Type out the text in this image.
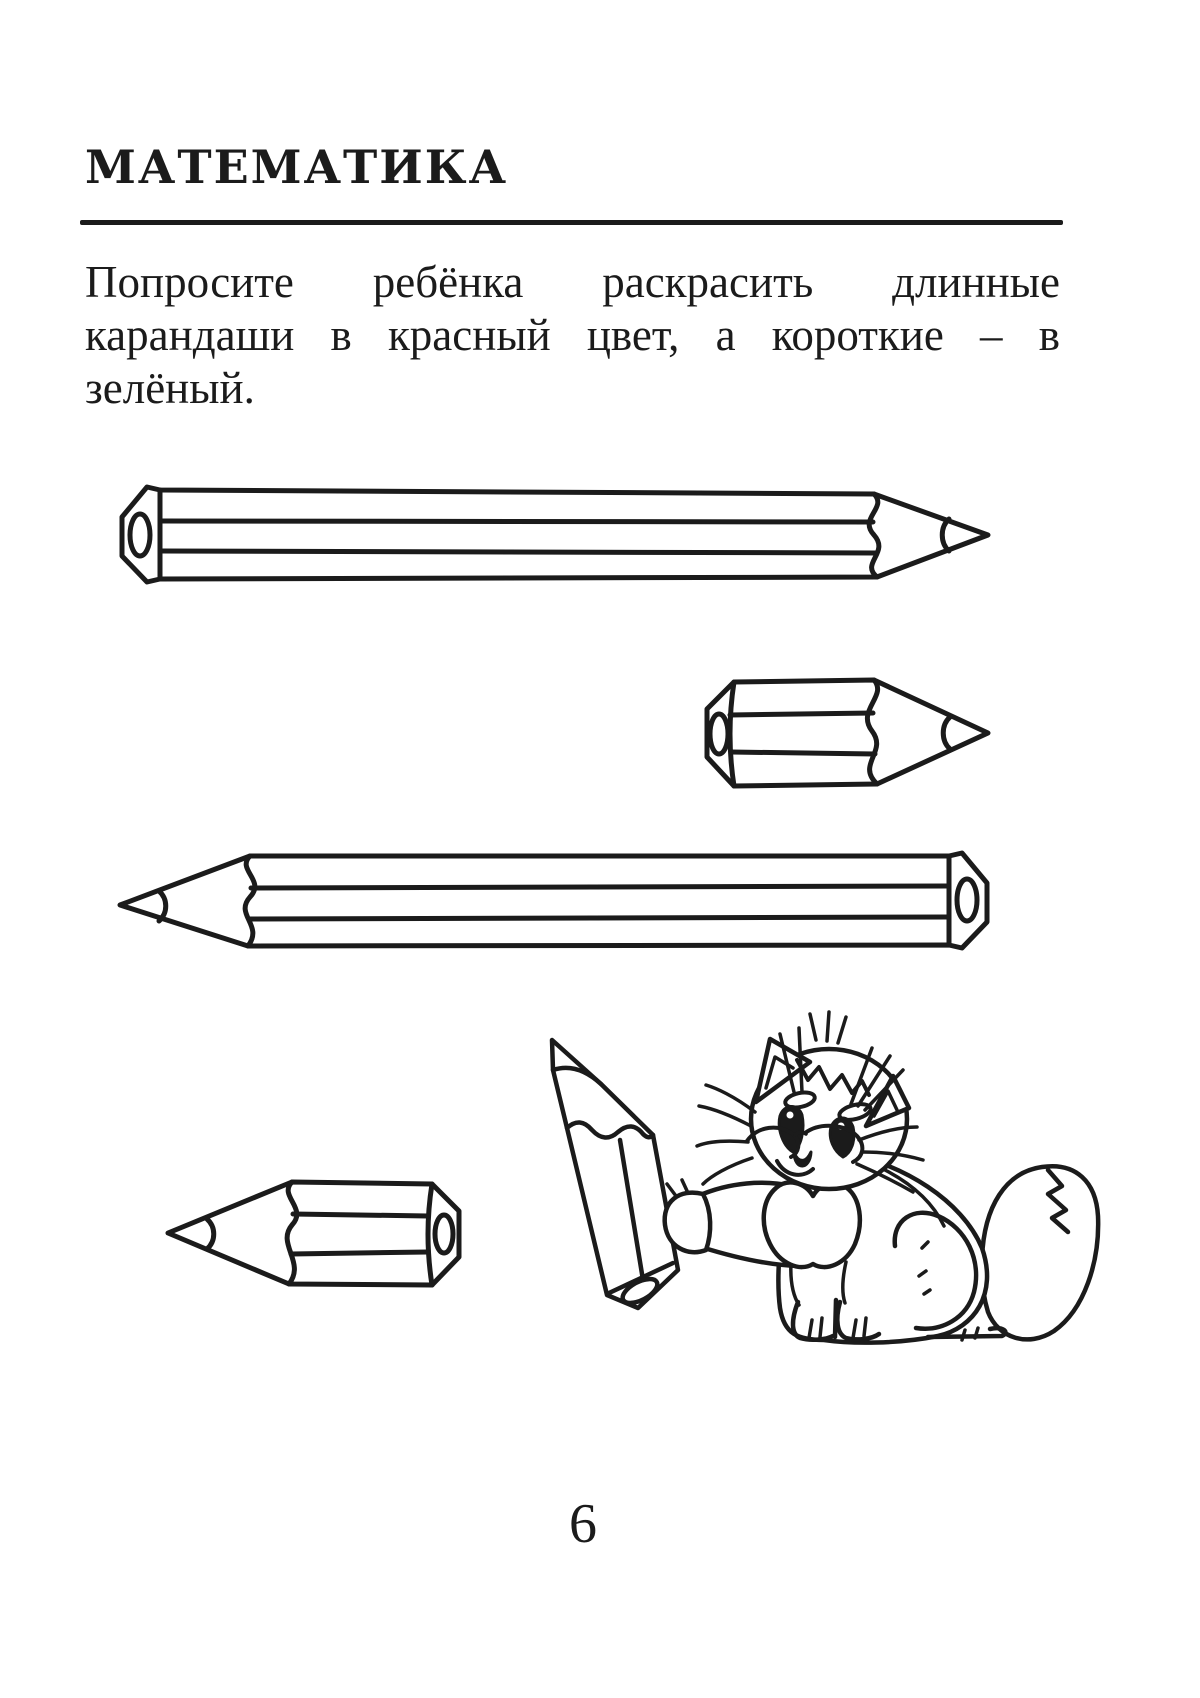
МАТЕМАТИКА
Попросите ребёнка раскрасить длинные
карандаши в красный цвет, а короткие – в
зелёный.
6
